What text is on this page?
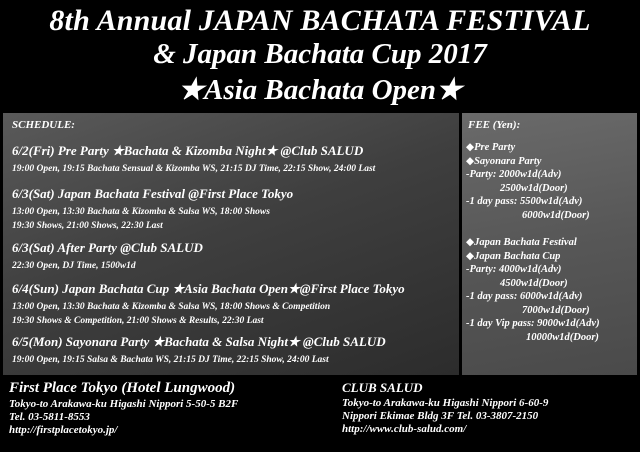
8th Annual JAPAN BACHATA FESTIVAL
& Japan Bachata Cup 2017
★Asia Bachata Open★
SCHEDULE:
6/2(Fri) Pre Party ★Bachata & Kizomba Night★ @Club SALUD
19:00 Open, 19:15 Bachata Sensual & Kizomba WS, 21:15 DJ Time, 22:15 Show, 24:00 Last
6/3(Sat) Japan Bachata Festival @First Place Tokyo
13:00 Open, 13:30 Bachata & Kizomba & Salsa WS, 18:00 Shows
19:30 Shows, 21:00 Shows, 22:30 Last
6/3(Sat) After Party @Club SALUD
22:30 Open, DJ Time, 1500w1d
6/4(Sun) Japan Bachata Cup ★Asia Bachata Open★@First Place Tokyo
13:00 Open, 13:30 Bachata & Kizomba & Salsa WS, 18:00 Shows & Competition
19:30 Shows & Competition, 21:00 Shows & Results, 22:30 Last
6/5(Mon) Sayonara Party ★Bachata & Salsa Night★ @Club SALUD
19:00 Open, 19:15 Salsa & Bachata WS, 21:15 DJ Time, 22:15 Show, 24:00 Last
FEE (Yen):
◆Pre Party
◆Sayonara Party
-Party: 2000w1d(Adv)
2500w1d(Door)
-1 day pass: 5500w1d(Adv)
6000w1d(Door)
◆Japan Bachata Festival
◆Japan Bachata Cup
-Party: 4000w1d(Adv)
4500w1d(Door)
-1 day pass: 6000w1d(Adv)
7000w1d(Door)
-1 day Vip pass: 9000w1d(Adv)
10000w1d(Door)
First Place Tokyo (Hotel Lungwood)
Tokyo-to Arakawa-ku Higashi Nippori 5-50-5 B2F
Tel. 03-5811-8553
http://firstplacetokyo.jp/
CLUB SALUD
Tokyo-to Arakawa-ku Higashi Nippori 6-60-9
Nippori Ekimae Bldg 3F Tel. 03-3807-2150
http://www.club-salud.com/
